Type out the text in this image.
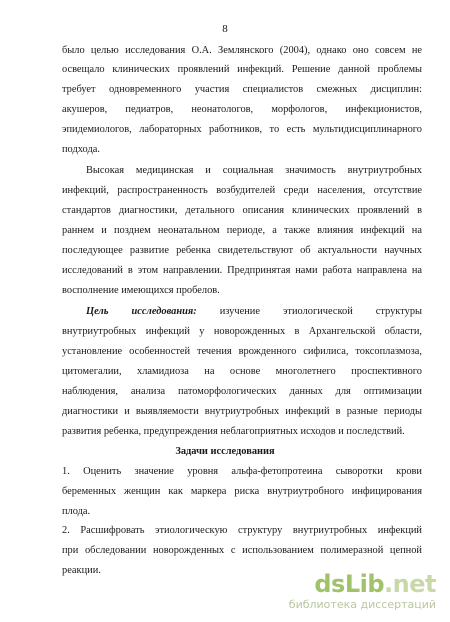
8
было целью исследования О.А. Землянского (2004), однако оно совсем не
освещало клинических проявлений инфекций. Решение данной проблемы
требует одновременного участия специалистов смежных дисциплин:
акушеров, педиатров, неонатологов, морфологов, инфекционистов,
эпидемиологов, лабораторных работников, то есть мультидисциплинарного
подхода.
Высокая медицинская и социальная значимость внутриутробных
инфекций, распространенность возбудителей среди населения, отсутствие
стандартов диагностики, детального описания клинических проявлений в
раннем и позднем неонатальном периоде, а также влияния инфекций на
последующее развитие ребенка свидетельствуют об актуальности научных
исследований в этом направлении. Предпринятая нами работа направлена на
восполнение имеющихся пробелов.
Цель исследования: изучение этиологической структуры
внутриутробных инфекций у новорожденных в Архангельской области,
установление особенностей течения врожденного сифилиса, токсоплазмоза,
цитомегалии, хламидиоза на основе многолетнего проспективного
наблюдения, анализа патоморфологических данных для оптимизации
диагностики и выявляемости внутриутробных инфекций в разные периоды
развития ребенка, предупреждения неблагоприятных исходов и последствий.
Задачи исследования
1. Оценить значение уровня альфа-фетопротеина сыворотки крови
беременных женщин как маркера риска внутриутробного инфицирования
плода.
2. Расшифровать этиологическую структуру внутриутробных инфекций
при обследовании новорожденных с использованием полимеразной цепной
реакции.	dsLib.net
библиотека диссертаций
